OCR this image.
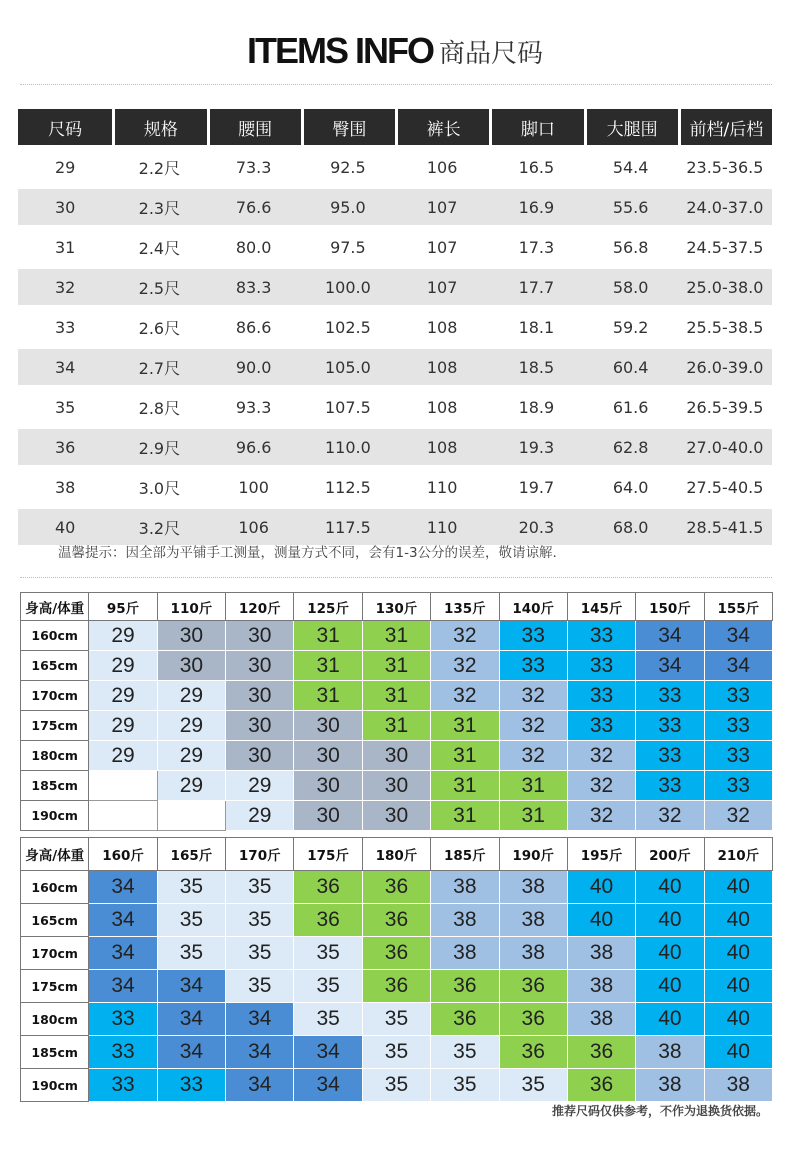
ITEMS INFO 商品尺码
尺码	规格	腰围	臀围	裤长	脚口	大腿围	前档/后档
29	2.2尺	73.3	92.5	106	16.5	54.4	23.5-36.5
30	2.3尺	76.6	95.0	107	16.9	55.6	24.0-37.0
31	2.4尺	80.0	97.5	107	17.3	56.8	24.5-37.5
32	2.5尺	83.3	100.0	107	17.7	58.0	25.0-38.0
33	2.6尺	86.6	102.5	108	18.1	59.2	25.5-38.5
34	2.7尺	90.0	105.0	108	18.5	60.4	26.0-39.0
35	2.8尺	93.3	107.5	108	18.9	61.6	26.5-39.5
36	2.9尺	96.6	110.0	108	19.3	62.8	27.0-40.0
38	3.0尺	100	112.5	110	19.7	64.0	27.5-40.5
40	3.2尺	106	117.5	110	20.3	68.0	28.5-41.5
温馨提示：因全部为平铺手工测量，测量方式不同，会有1-3公分的误差，敬请谅解.
身高/体重	95斤	110斤	120斤	125斤	130斤	135斤	140斤	145斤	150斤	155斤
160cm	29	30	30	31	31	32	33	33	34	34
165cm	29	30	30	31	31	32	33	33	34	34
170cm	29	29	30	31	31	32	32	33	33	33
175cm	29	29	30	30	31	31	32	33	33	33
180cm	29	29	30	30	30	31	32	32	33	33
185cm		29	29	30	30	31	31	32	33	33
190cm			29	30	30	31	31	32	32	32
身高/体重	160斤	165斤	170斤	175斤	180斤	185斤	190斤	195斤	200斤	210斤
160cm	34	35	35	36	36	38	38	40	40	40
165cm	34	35	35	36	36	38	38	40	40	40
170cm	34	35	35	35	36	38	38	38	40	40
175cm	34	34	35	35	36	36	36	38	40	40
180cm	33	34	34	35	35	36	36	38	40	40
185cm	33	34	34	34	35	35	36	36	38	40
190cm	33	33	34	34	35	35	35	36	38	38
推荐尺码仅供参考，不作为退换货依据。
